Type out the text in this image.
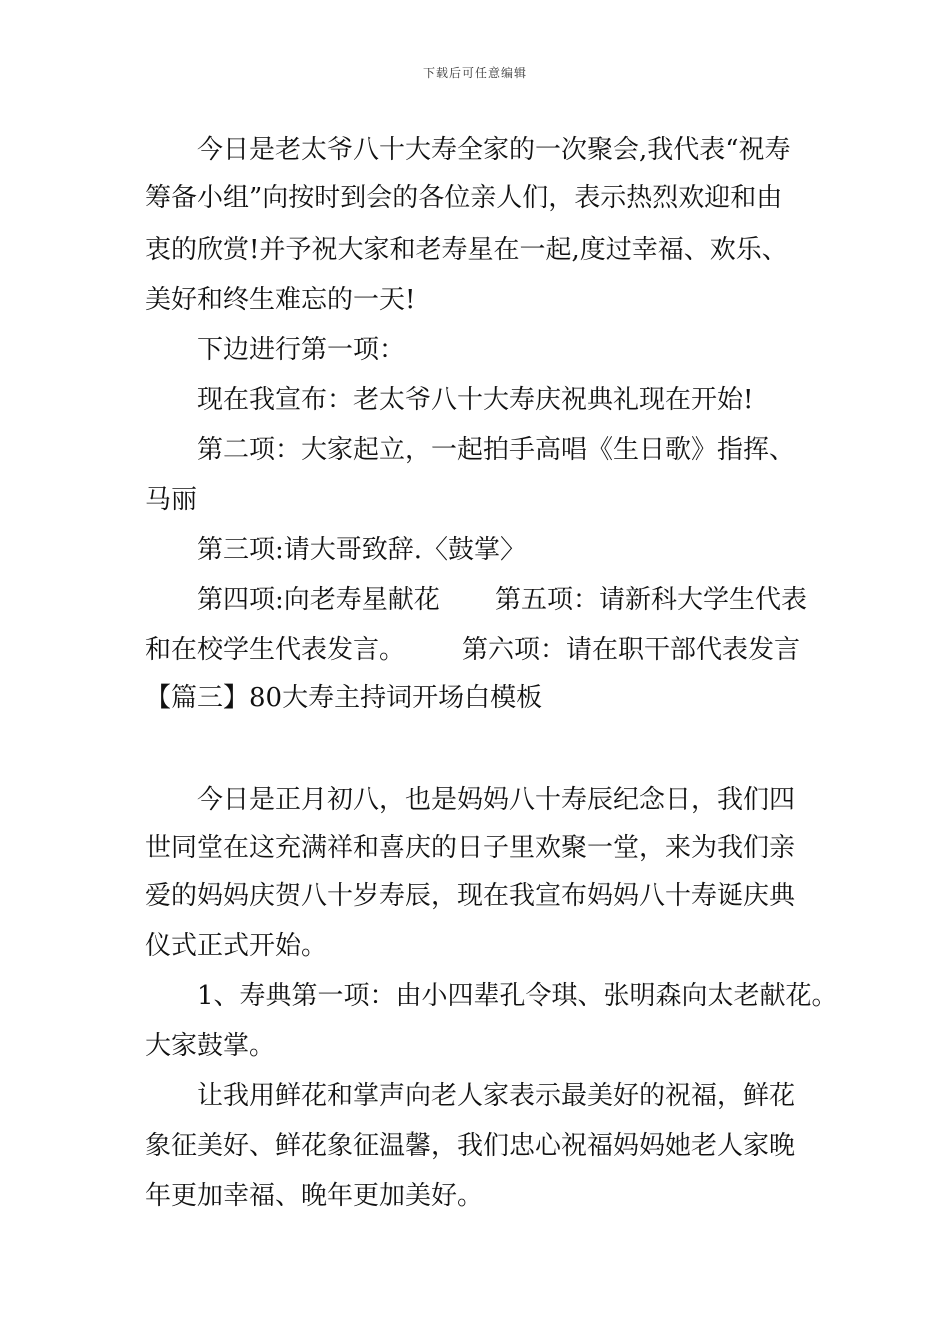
下载后可任意编辑
今日是老太爷八十大寿全家的一次聚会,我代表“祝寿
筹备小组”向按时到会的各位亲人们，表示热烈欢迎和由
衷的欣赏!并予祝大家和老寿星在一起,度过幸福、欢乐、
美好和终生难忘的一天!
下边进行第一项：
现在我宣布：老太爷八十大寿庆祝典礼现在开始!
第二项：大家起立，一起拍手高唱《生日歌》指挥、
马丽
第三项:请大哥致辞.〈鼓掌〉
第四项:向老寿星献花 第五项：请新科大学生代表
和在校学生代表发言。 第六项：请在职干部代表发言
【篇三】80大寿主持词开场白模板
今日是正月初八，也是妈妈八十寿辰纪念日，我们四
世同堂在这充满祥和喜庆的日子里欢聚一堂，来为我们亲
爱的妈妈庆贺八十岁寿辰，现在我宣布妈妈八十寿诞庆典
仪式正式开始。
1、寿典第一项：由小四辈孔令琪、张明森向太老献花。
大家鼓掌。
让我用鲜花和掌声向老人家表示最美好的祝福，鲜花
象征美好、鲜花象征温馨，我们忠心祝福妈妈她老人家晚
年更加幸福、晚年更加美好。
